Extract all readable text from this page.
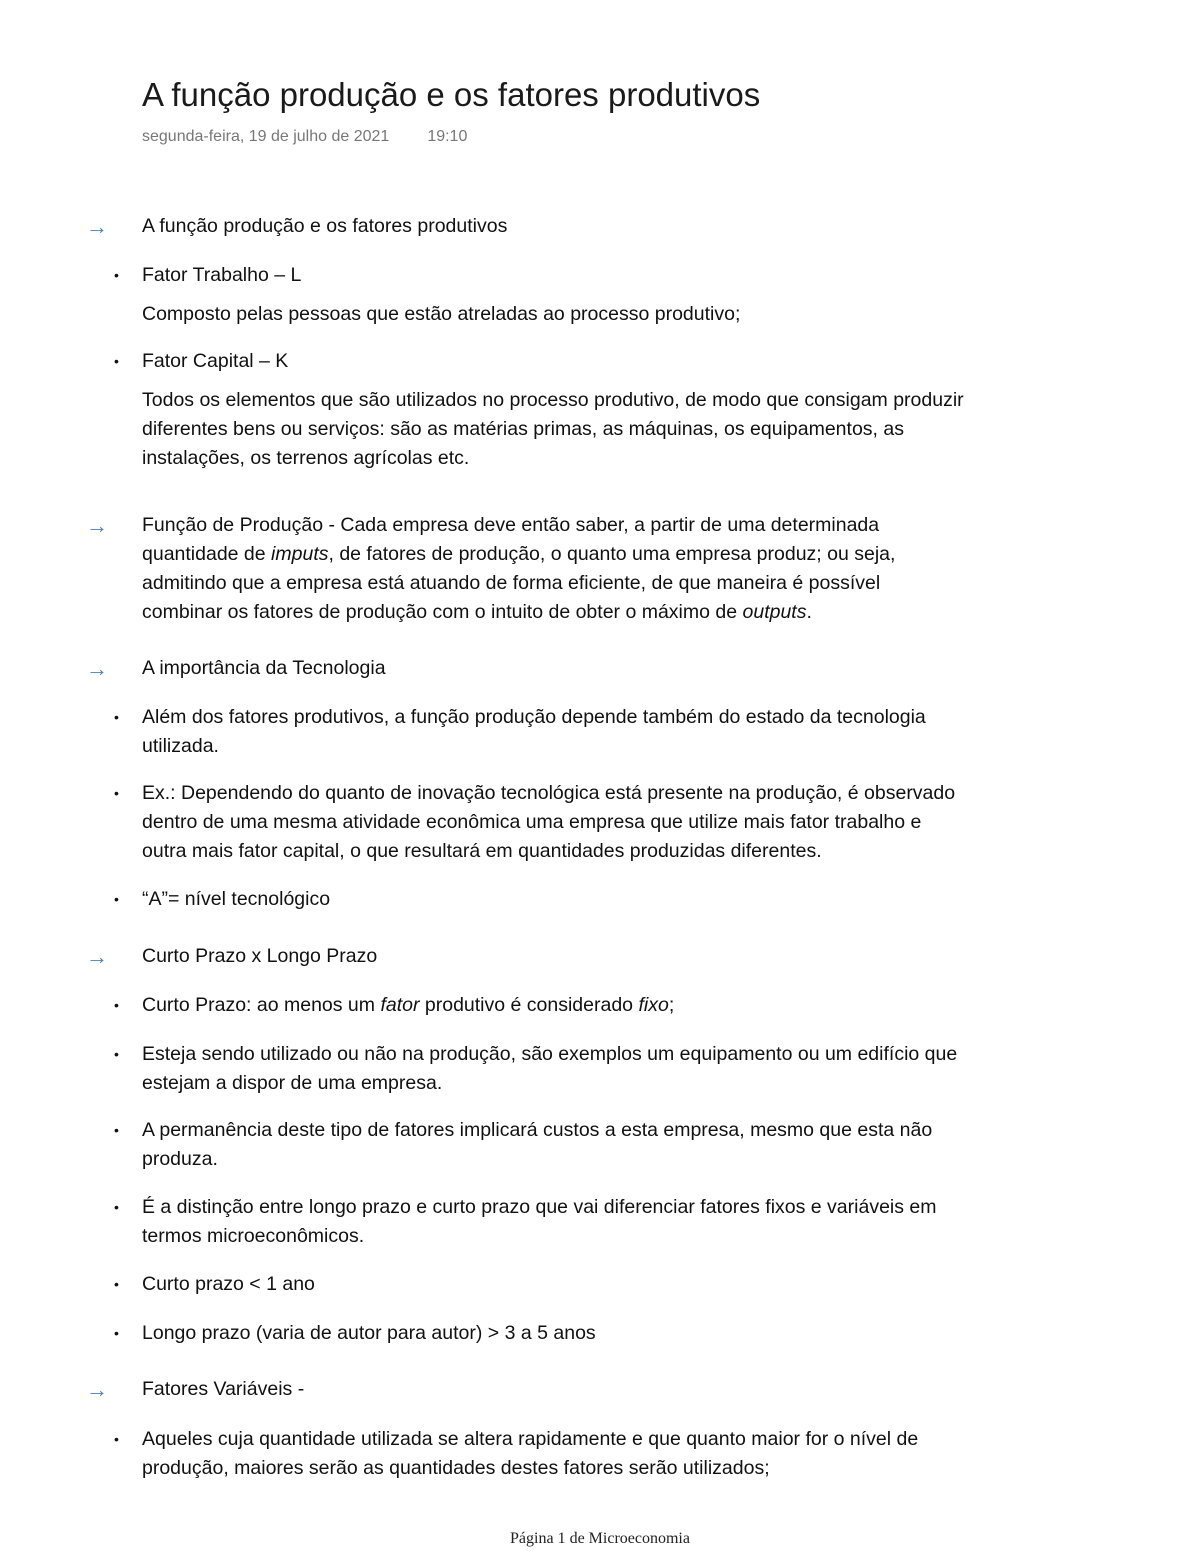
A função produção e os fatores produtivos
segunda-feira, 19 de julho de 2021 19:10
→ A função produção e os fatores produtivos
• Fator Trabalho – L
Composto pelas pessoas que estão atreladas ao processo produtivo;
• Fator Capital – K
Todos os elementos que são utilizados no processo produtivo, de modo que consigam produzir
diferentes bens ou serviços: são as matérias primas, as máquinas, os equipamentos, as
instalações, os terrenos agrícolas etc.
→ Função de Produção - Cada empresa deve então saber, a partir de uma determinada
quantidade de imputs, de fatores de produção, o quanto uma empresa produz; ou seja,
admitindo que a empresa está atuando de forma eficiente, de que maneira é possível
combinar os fatores de produção com o intuito de obter o máximo de outputs.
→ A importância da Tecnologia
• Além dos fatores produtivos, a função produção depende também do estado da tecnologia
utilizada.
• Ex.: Dependendo do quanto de inovação tecnológica está presente na produção, é observado
dentro de uma mesma atividade econômica uma empresa que utilize mais fator trabalho e
outra mais fator capital, o que resultará em quantidades produzidas diferentes.
• “A”= nível tecnológico
→ Curto Prazo x Longo Prazo
• Curto Prazo: ao menos um fator produtivo é considerado fixo;
• Esteja sendo utilizado ou não na produção, são exemplos um equipamento ou um edifício que
estejam a dispor de uma empresa.
• A permanência deste tipo de fatores implicará custos a esta empresa, mesmo que esta não
produza.
• É a distinção entre longo prazo e curto prazo que vai diferenciar fatores fixos e variáveis em
termos microeconômicos.
• Curto prazo < 1 ano
• Longo prazo (varia de autor para autor) > 3 a 5 anos
→ Fatores Variáveis -
• Aqueles cuja quantidade utilizada se altera rapidamente e que quanto maior for o nível de
produção, maiores serão as quantidades destes fatores serão utilizados;
Página 1 de Microeconomia
